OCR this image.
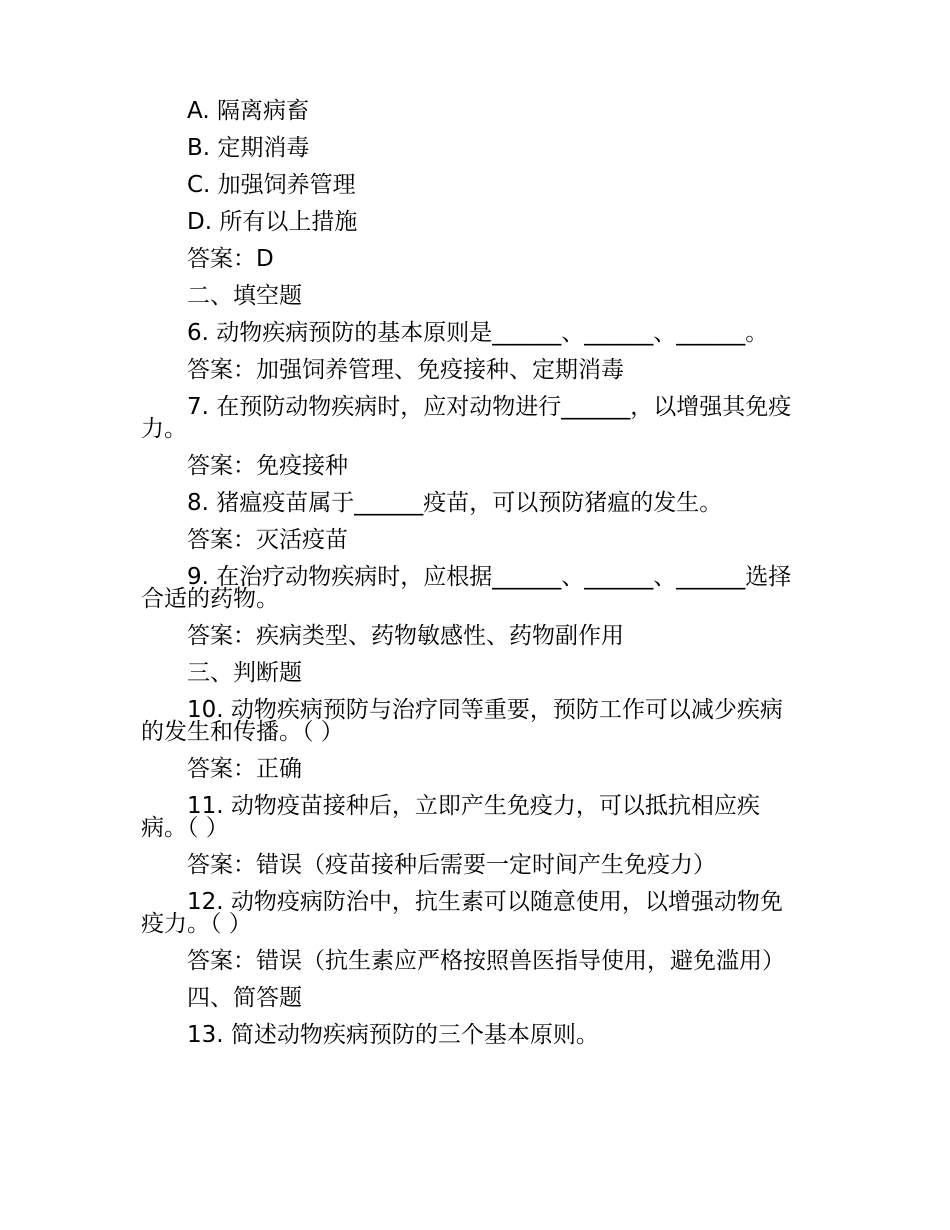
A. 隔离病畜

B. 定期消毒

C. 加强饲养管理

D. 所有以上措施

答案：D

二、填空题

6. 动物疾病预防的基本原则是______、______、______。

答案：加强饲养管理、免疫接种、定期消毒

7. 在预防动物疾病时，应对动物进行______，以增强其免疫力。

答案：免疫接种

8. 猪瘟疫苗属于______疫苗，可以预防猪瘟的发生。

答案：灭活疫苗

9. 在治疗动物疾病时，应根据______、______、______选择合适的药物。

答案：疾病类型、药物敏感性、药物副作用

三、判断题

10. 动物疾病预防与治疗同等重要，预防工作可以减少疾病的发生和传播。（ ）

答案：正确

11. 动物疫苗接种后，立即产生免疫力，可以抵抗相应疾病。（ ）

答案：错误（疫苗接种后需要一定时间产生免疫力）

12. 动物疫病防治中，抗生素可以随意使用，以增强动物免疫力。（ ）

答案：错误（抗生素应严格按照兽医指导使用，避免滥用）

四、简答题

13. 简述动物疾病预防的三个基本原则。
